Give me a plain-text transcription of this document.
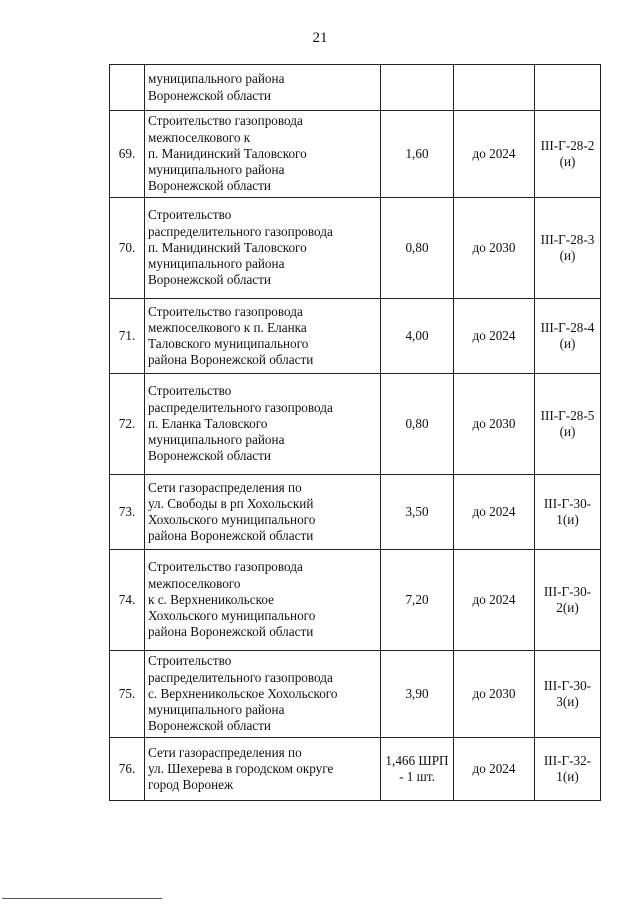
21

	муниципального района
Воронежской области			

69.	Строительство газопровода
межпоселкового к
п. Манидинский Таловского
муниципального района
Воронежской области	1,60	до 2024	III-Г-28-2 (и)
70.	Строительство
распределительного газопровода
п. Манидинский Таловского
муниципального района
Воронежской области	0,80	до 2030	III-Г-28-3 (и)
71.	Строительство газопровода
межпоселкового к п. Еланка
Таловского муниципального
района Воронежской области	4,00	до 2024	III-Г-28-4 (и)
72.	Строительство
распределительного газопровода
п. Еланка Таловского
муниципального района
Воронежской области	0,80	до 2030	III-Г-28-5 (и)
73.	Сети газораспределения по
ул. Свободы в рп Хохольский
Хохольского муниципального
района Воронежской области	3,50	до 2024	III-Г-30-1(и)
74.	Строительство газопровода
межпоселкового
к с. Верхненикольское
Хохольского муниципального
района Воронежской области	7,20	до 2024	III-Г-30-2(и)
75.	Строительство
распределительного газопровода
с. Верхненикольское Хохольского
муниципального района
Воронежской области	3,90	до 2030	III-Г-30-3(и)
76.	Сети газораспределения по
ул. Шехерева в городском округе
город Воронеж	1,466 ШРП - 1 шт.	до 2024	III-Г-32-1(и)
